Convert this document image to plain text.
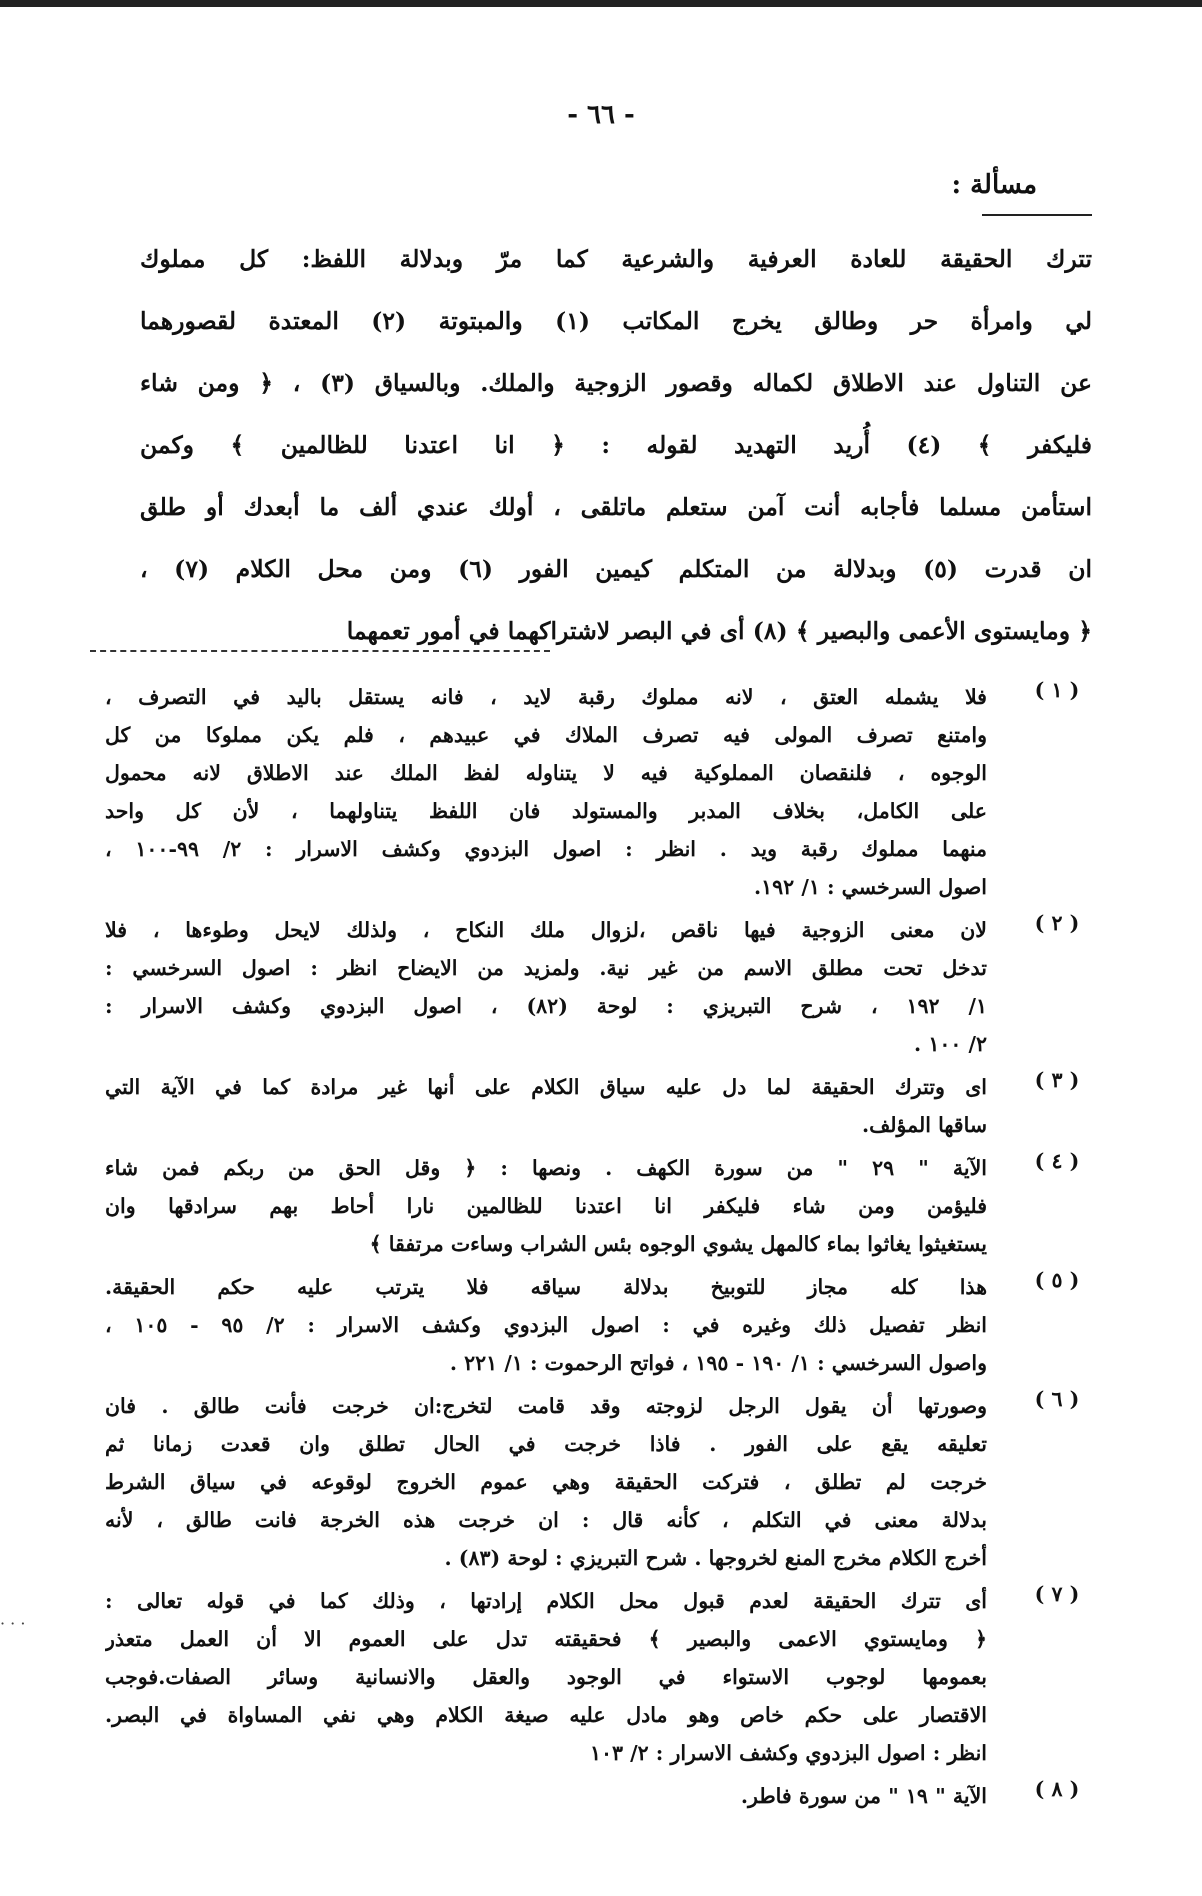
- ٦٦ -
مسألة :
تترك الحقيقة للعادة العرفية والشرعية كما مرّ وبدلالة اللفظ: كل مملوك
لي وامرأة حر وطالق يخرج المكاتب (١) والمبتوتة (٢) المعتدة لقصورهما
عن التناول عند الاطلاق لكماله وقصور الزوجية والملك. وبالسياق (٣) ، ﴿ ومن شاء
فليكفر ﴾ (٤) أُريد التهديد لقوله : ﴿ انا اعتدنا للظالمين ﴾ وكمن
استأمن مسلما فأجابه أنت آمن ستعلم ماتلقى ، أولك عندي ألف ما أبعدك أو طلق
ان قدرت (٥) وبدلالة من المتكلم كيمين الفور (٦) ومن محل الكلام (٧) ،
﴿ ومايستوى الأعمى والبصير ﴾ (٨) أى في البصر لاشتراكهما في أمور تعمهما
( ١ )
فلا يشمله العتق ، لانه مملوك رقبة لايد ، فانه يستقل باليد في التصرف ،
وامتنع تصرف المولى فيه تصرف الملاك في عبيدهم ، فلم يكن مملوكا من كل
الوجوه ، فلنقصان المملوكية فيه لا يتناوله لفظ الملك عند الاطلاق لانه محمول
على الكامل، بخلاف المدبر والمستولد فان اللفظ يتناولهما ، لأن كل واحد
منهما مملوك رقبة ويد . انظر : اصول البزدوي وكشف الاسرار : ٢/ ٩٩-١٠٠ ،
اصول السرخسي : ١/ ١٩٢.
( ٢ )
لان معنى الزوجية فيها ناقص ،لزوال ملك النكاح ، ولذلك لايحل وطوءها ، فلا
تدخل تحت مطلق الاسم من غير نية. ولمزيد من الايضاح انظر : اصول السرخسي :
١/ ١٩٢ ، شرح التبريزي : لوحة (٨٢) ، اصول البزدوي وكشف الاسرار :
٢/ ١٠٠ .
( ٣ )
اى وتترك الحقيقة لما دل عليه سياق الكلام على أنها غير مرادة كما في الآية التي
ساقها المؤلف.
( ٤ )
الآية " ٢٩ " من سورة الكهف . ونصها : ﴿ وقل الحق من ربكم فمن شاء
فليؤمن ومن شاء فليكفر انا اعتدنا للظالمين نارا أحاط بهم سرادقها وان
يستغيثوا يغاثوا بماء كالمهل يشوي الوجوه بئس الشراب وساءت مرتفقا ﴾
( ٥ )
هذا كله مجاز للتوبيخ بدلالة سياقه فلا يترتب عليه حكم الحقيقة.
انظر تفصيل ذلك وغيره في : اصول البزدوي وكشف الاسرار : ٢/ ٩٥ - ١٠٥ ،
واصول السرخسي : ١/ ١٩٠ - ١٩٥ ، فواتح الرحموت : ١/ ٢٢١ .
( ٦ )
وصورتها أن يقول الرجل لزوجته وقد قامت لتخرج:ان خرجت فأنت طالق . فان
تعليقه يقع على الفور . فاذا خرجت في الحال تطلق وان قعدت زمانا ثم
خرجت لم تطلق ، فتركت الحقيقة وهي عموم الخروج لوقوعه في سياق الشرط
بدلالة معنى في التكلم ، كأنه قال : ان خرجت هذه الخرجة فانت طالق ، لأنه
أخرج الكلام مخرج المنع لخروجها . شرح التبريزي : لوحة (٨٣) .
( ٧ )
أى تترك الحقيقة لعدم قبول محل الكلام إرادتها ، وذلك كما في قوله تعالى :
﴿ ومايستوي الاعمى والبصير ﴾ فحقيقته تدل على العموم الا أن العمل متعذر
بعمومها لوجوب الاستواء في الوجود والعقل والانسانية وسائر الصفات.فوجب
الاقتصار على حكم خاص وهو مادل عليه صيغة الكلام وهي نفي المساواة في البصر.
انظر : اصول البزدوي وكشف الاسرار : ٢/ ١٠٣
( ٨ )
الآية " ١٩ " من سورة فاطر.
· · ·
